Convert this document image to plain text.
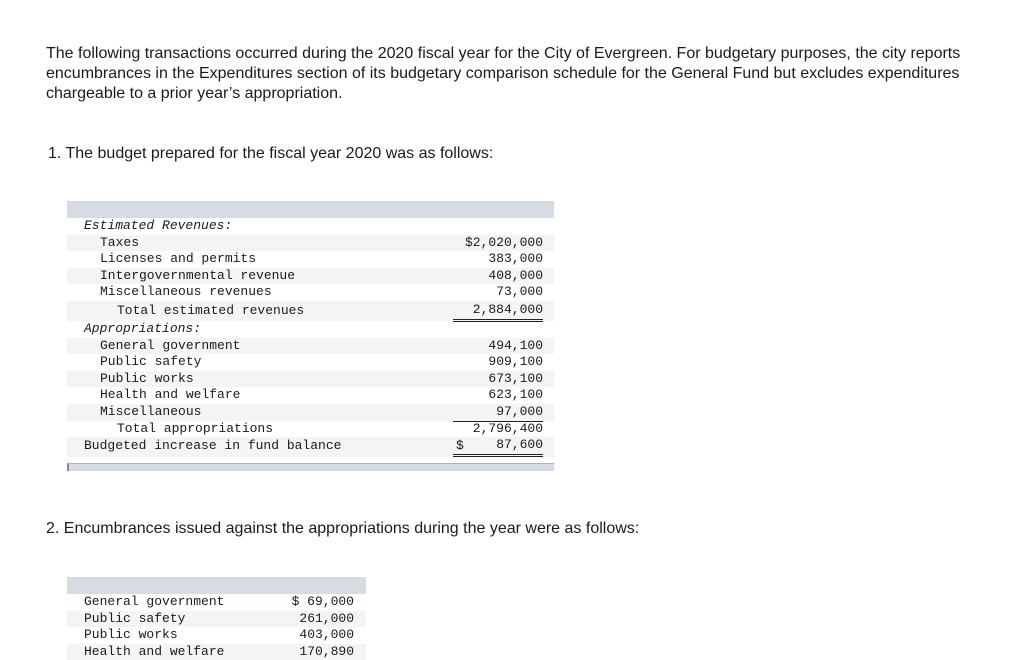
The following transactions occurred during the 2020 fiscal year for the City of Evergreen. For budgetary purposes, the city reports encumbrances in the Expenditures section of its budgetary comparison schedule for the General Fund but excludes expenditures chargeable to a prior year’s appropriation.

1. The budget prepared for the fiscal year 2020 was as follows:

Estimated Revenues:
Taxes	$2,020,000
Licenses and permits	383,000
Intergovernmental revenue	408,000
Miscellaneous revenues	73,000
Total estimated revenues	2,884,000
Appropriations:
General government	494,100
Public safety	909,100
Public works	673,100
Health and welfare	623,100
Miscellaneous	97,000
Total appropriations	2,796,400
Budgeted increase in fund balance	$	87,600

2. Encumbrances issued against the appropriations during the year were as follows:

General government	$ 69,000
Public safety	261,000
Public works	403,000
Health and welfare	170,890
